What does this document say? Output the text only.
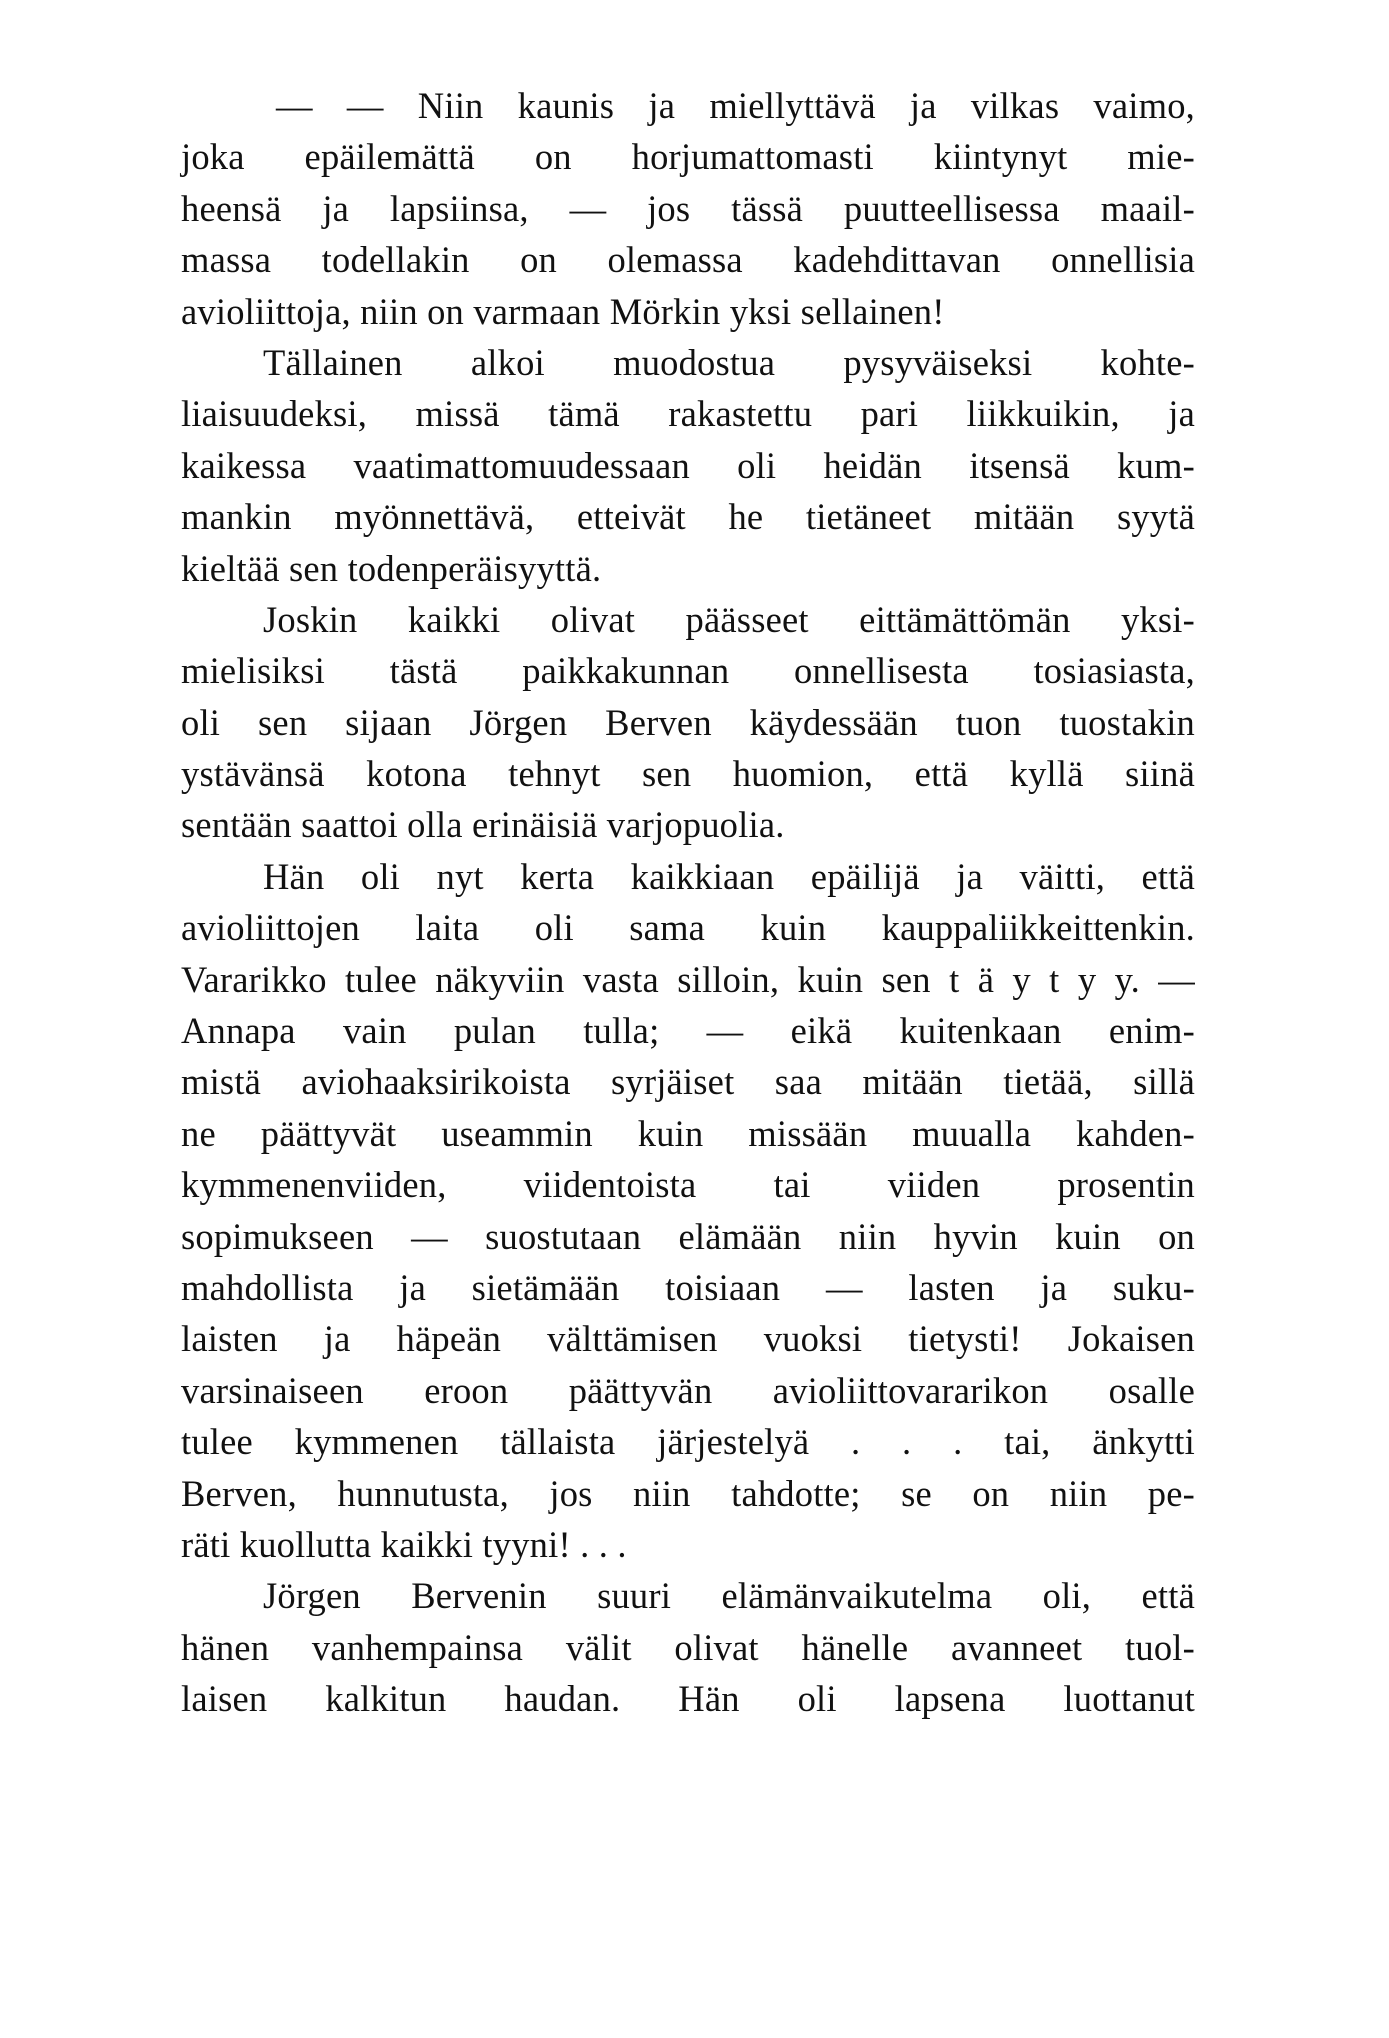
— — Niin kaunis ja miellyttävä ja vilkas vaimo,
joka epäilemättä on horjumattomasti kiintynyt mie-
heensä ja lapsiinsa, — jos tässä puutteellisessa maail-
massa todellakin on olemassa kadehdittavan onnellisia
avioliittoja, niin on varmaan Mörkin yksi sellainen!
Tällainen alkoi muodostua pysyväiseksi kohte-
liaisuudeksi, missä tämä rakastettu pari liikkuikin, ja
kaikessa vaatimattomuudessaan oli heidän itsensä kum-
mankin myönnettävä, etteivät he tietäneet mitään syytä
kieltää sen todenperäisyyttä.
Joskin kaikki olivat päässeet eittämättömän yksi-
mielisiksi tästä paikkakunnan onnellisesta tosiasiasta,
oli sen sijaan Jörgen Berven käydessään tuon tuostakin
ystävänsä kotona tehnyt sen huomion, että kyllä siinä
sentään saattoi olla erinäisiä varjopuolia.
Hän oli nyt kerta kaikkiaan epäilijä ja väitti, että
avioliittojen laita oli sama kuin kauppaliikkeittenkin.
Vararikko tulee näkyviin vasta silloin, kuin sen t ä y t y y. —
Annapa vain pulan tulla; — eikä kuitenkaan enim-
mistä aviohaaksirikoista syrjäiset saa mitään tietää, sillä
ne päättyvät useammin kuin missään muualla kahden-
kymmenenviiden, viidentoista tai viiden prosentin
sopimukseen — suostutaan elämään niin hyvin kuin on
mahdollista ja sietämään toisiaan — lasten ja suku-
laisten ja häpeän välttämisen vuoksi tietysti! Jokaisen
varsinaiseen eroon päättyvän avioliittovararikon osalle
tulee kymmenen tällaista järjestelyä . . . tai, änkytti
Berven, hunnutusta, jos niin tahdotte; se on niin pe-
räti kuollutta kaikki tyyni! . . .
Jörgen Bervenin suuri elämänvaikutelma oli, että
hänen vanhempainsa välit olivat hänelle avanneet tuol-
laisen kalkitun haudan. Hän oli lapsena luottanut
